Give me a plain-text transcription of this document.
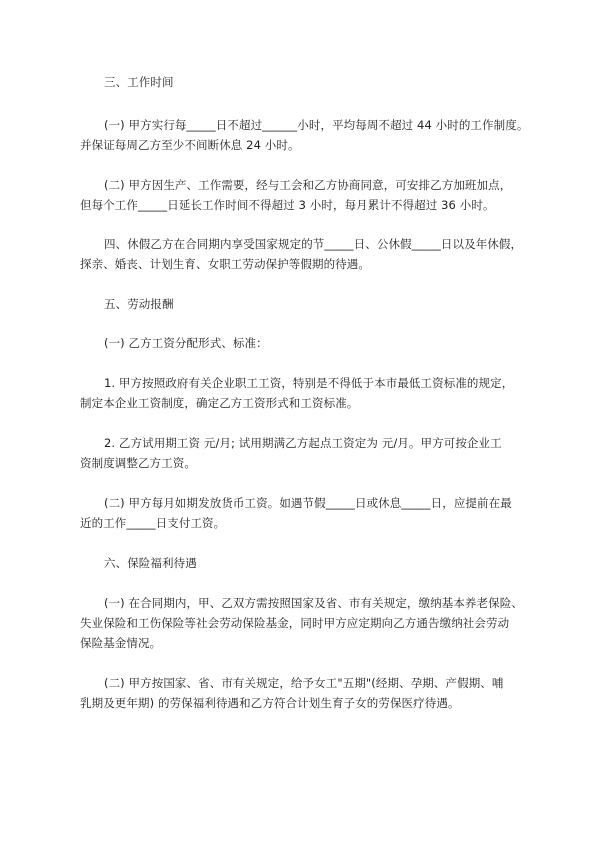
三、工作时间
(一) 甲方实行每_____日不超过______小时，平均每周不超过 44 小时的工作制度。
并保证每周乙方至少不间断休息 24 小时。
(二) 甲方因生产、工作需要，经与工会和乙方协商同意，可安排乙方加班加点，
但每个工作_____日延长工作时间不得超过 3 小时，每月累计不得超过 36 小时。
四、休假乙方在合同期内享受国家规定的节_____日、公休假_____日以及年休假，
探亲、婚丧、计划生育、女职工劳动保护等假期的待遇。
五、劳动报酬
(一) 乙方工资分配形式、标准：
1. 甲方按照政府有关企业职工工资，特别是不得低于本市最低工资标准的规定，
制定本企业工资制度，确定乙方工资形式和工资标准。
2. 乙方试用期工资 元/月; 试用期满乙方起点工资定为 元/月。甲方可按企业工
资制度调整乙方工资。
(二) 甲方每月如期发放货币工资。如遇节假_____日或休息_____日，应提前在最
近的工作_____日支付工资。
六、保险福利待遇
(一) 在合同期内，甲、乙双方需按照国家及省、市有关规定，缴纳基本养老保险、
失业保险和工伤保险等社会劳动保险基金，同时甲方应定期向乙方通告缴纳社会劳动
保险基金情况。
(二) 甲方按国家、省、市有关规定，给予女工"五期"(经期、孕期、产假期、哺
乳期及更年期) 的劳保福利待遇和乙方符合计划生育子女的劳保医疗待遇。
